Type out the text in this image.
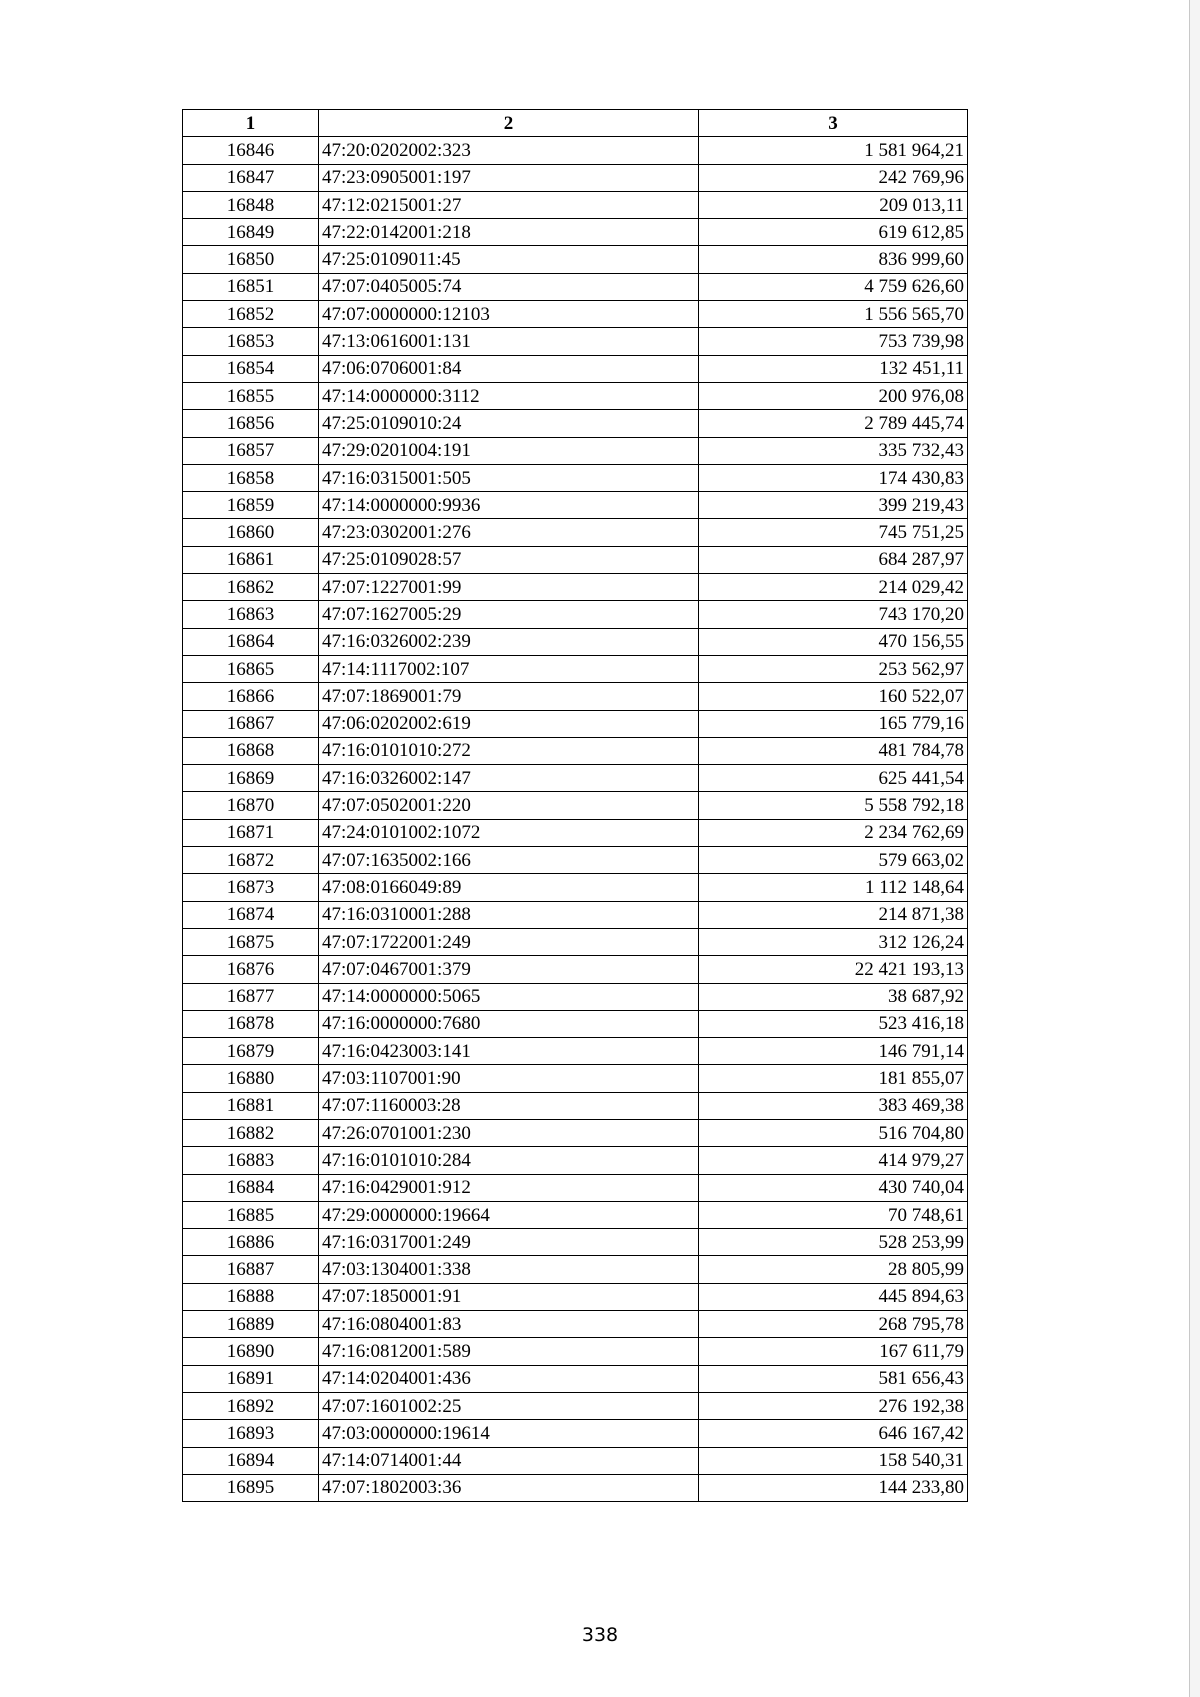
1	2	3
16846	47:20:0202002:323	1 581 964,21
16847	47:23:0905001:197	242 769,96
16848	47:12:0215001:27	209 013,11
16849	47:22:0142001:218	619 612,85
16850	47:25:0109011:45	836 999,60
16851	47:07:0405005:74	4 759 626,60
16852	47:07:0000000:12103	1 556 565,70
16853	47:13:0616001:131	753 739,98
16854	47:06:0706001:84	132 451,11
16855	47:14:0000000:3112	200 976,08
16856	47:25:0109010:24	2 789 445,74
16857	47:29:0201004:191	335 732,43
16858	47:16:0315001:505	174 430,83
16859	47:14:0000000:9936	399 219,43
16860	47:23:0302001:276	745 751,25
16861	47:25:0109028:57	684 287,97
16862	47:07:1227001:99	214 029,42
16863	47:07:1627005:29	743 170,20
16864	47:16:0326002:239	470 156,55
16865	47:14:1117002:107	253 562,97
16866	47:07:1869001:79	160 522,07
16867	47:06:0202002:619	165 779,16
16868	47:16:0101010:272	481 784,78
16869	47:16:0326002:147	625 441,54
16870	47:07:0502001:220	5 558 792,18
16871	47:24:0101002:1072	2 234 762,69
16872	47:07:1635002:166	579 663,02
16873	47:08:0166049:89	1 112 148,64
16874	47:16:0310001:288	214 871,38
16875	47:07:1722001:249	312 126,24
16876	47:07:0467001:379	22 421 193,13
16877	47:14:0000000:5065	38 687,92
16878	47:16:0000000:7680	523 416,18
16879	47:16:0423003:141	146 791,14
16880	47:03:1107001:90	181 855,07
16881	47:07:1160003:28	383 469,38
16882	47:26:0701001:230	516 704,80
16883	47:16:0101010:284	414 979,27
16884	47:16:0429001:912	430 740,04
16885	47:29:0000000:19664	70 748,61
16886	47:16:0317001:249	528 253,99
16887	47:03:1304001:338	28 805,99
16888	47:07:1850001:91	445 894,63
16889	47:16:0804001:83	268 795,78
16890	47:16:0812001:589	167 611,79
16891	47:14:0204001:436	581 656,43
16892	47:07:1601002:25	276 192,38
16893	47:03:0000000:19614	646 167,42
16894	47:14:0714001:44	158 540,31
16895	47:07:1802003:36	144 233,80
338
